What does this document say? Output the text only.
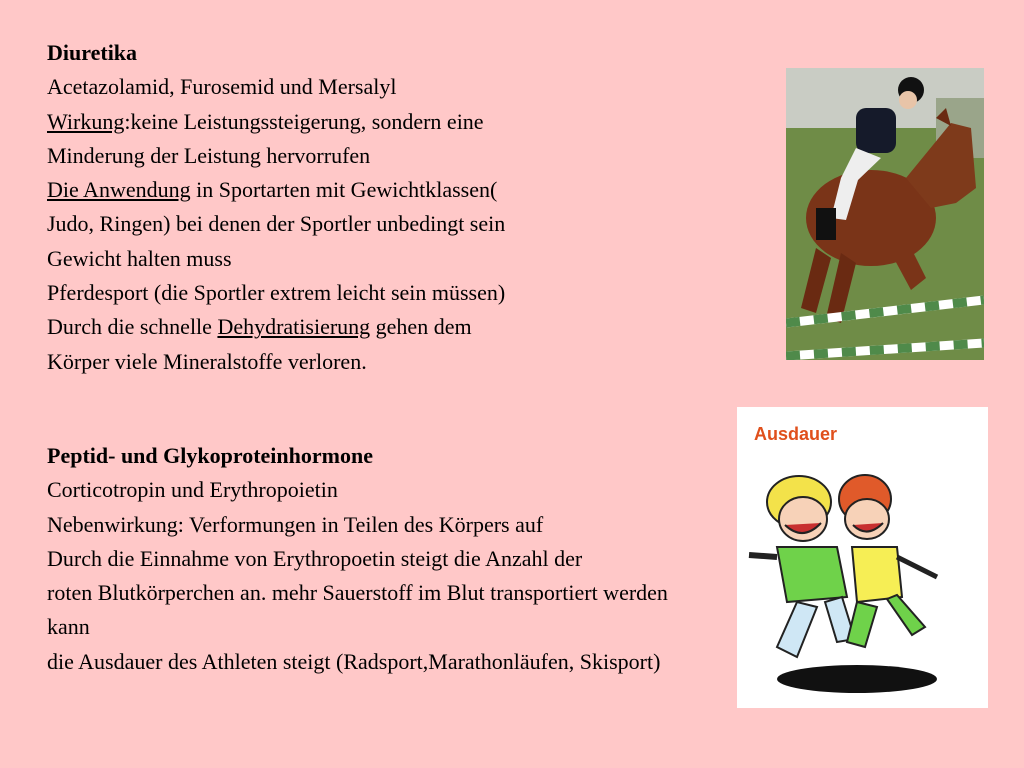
Diuretika
Acetazolamid, Furosemid und Mersalyl
Wirkung:keine Leistungssteigerung, sondern eine
Minderung der Leistung hervorrufen
Die Anwendung in Sportarten mit Gewichtklassen(
Judo, Ringen) bei denen der Sportler unbedingt sein
Gewicht halten muss
Pferdesport (die Sportler extrem leicht sein müssen)
Durch die schnelle Dehydratisierung gehen dem
Körper viele Mineralstoffe verloren.
Ausdauer
Peptid- und Glykoproteinhormone
Corticotropin und Erythropoietin
Nebenwirkung: Verformungen in Teilen des Körpers auf
Durch die Einnahme von Erythropoetin steigt die Anzahl der
roten Blutkörperchen an. mehr Sauerstoff im Blut transportiert werden
kann
die Ausdauer des Athleten steigt (Radsport,Marathonläufen, Skisport)
